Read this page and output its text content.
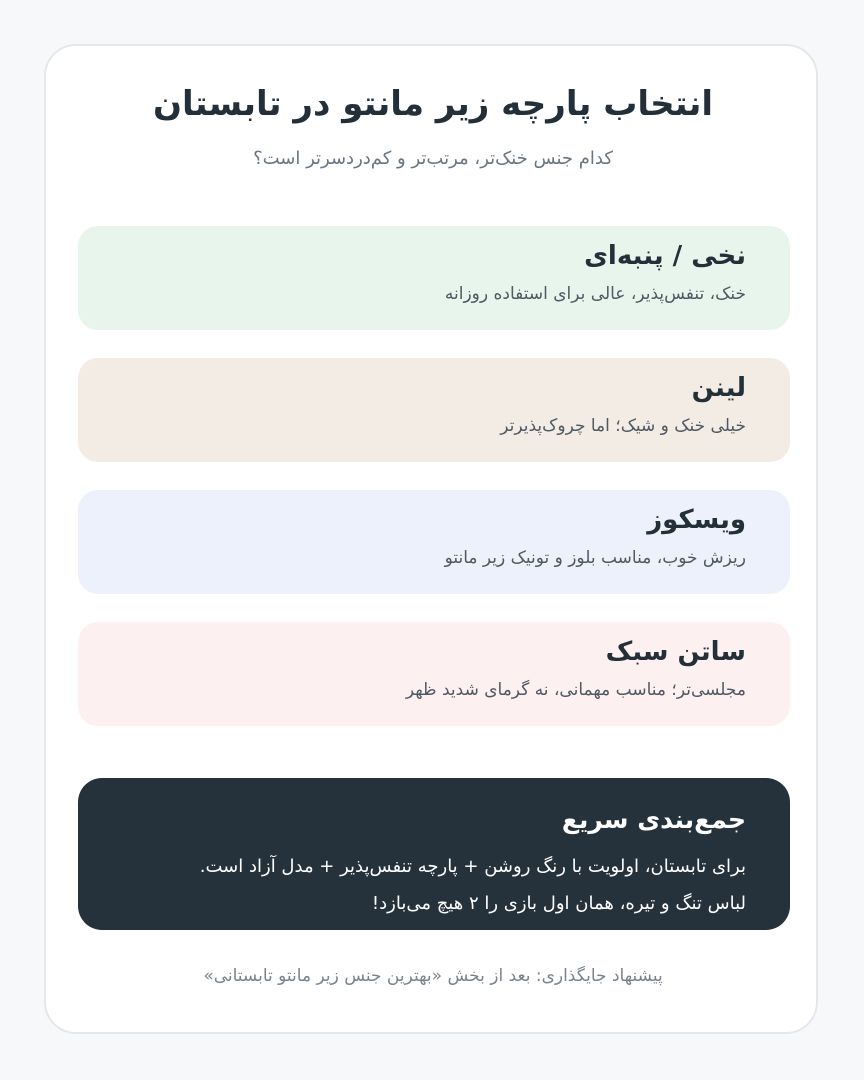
انتخاب پارچه زیر مانتو در تابستان

کدام جنس خنک‌تر، مرتب‌تر و کم‌دردسرتر است؟

نخی / پنبه‌ای
خنک، تنفس‌پذیر، عالی برای استفاده روزانه
لینن
خیلی خنک و شیک؛ اما چروک‌پذیرتر
ویسکوز
ریزش خوب، مناسب بلوز و تونیک زیر مانتو
ساتن سبک
مجلسی‌تر؛ مناسب مهمانی، نه گرمای شدید ظهر
جمع‌بندی سریع
برای تابستان، اولویت با رنگ روشن + پارچه تنفس‌پذیر + مدل آزاد است.
لباس تنگ و تیره، همان اول بازی را ۲ هیچ می‌بازد!
پیشنهاد جایگذاری: بعد از بخش «بهترین جنس زیر مانتو تابستانی»
